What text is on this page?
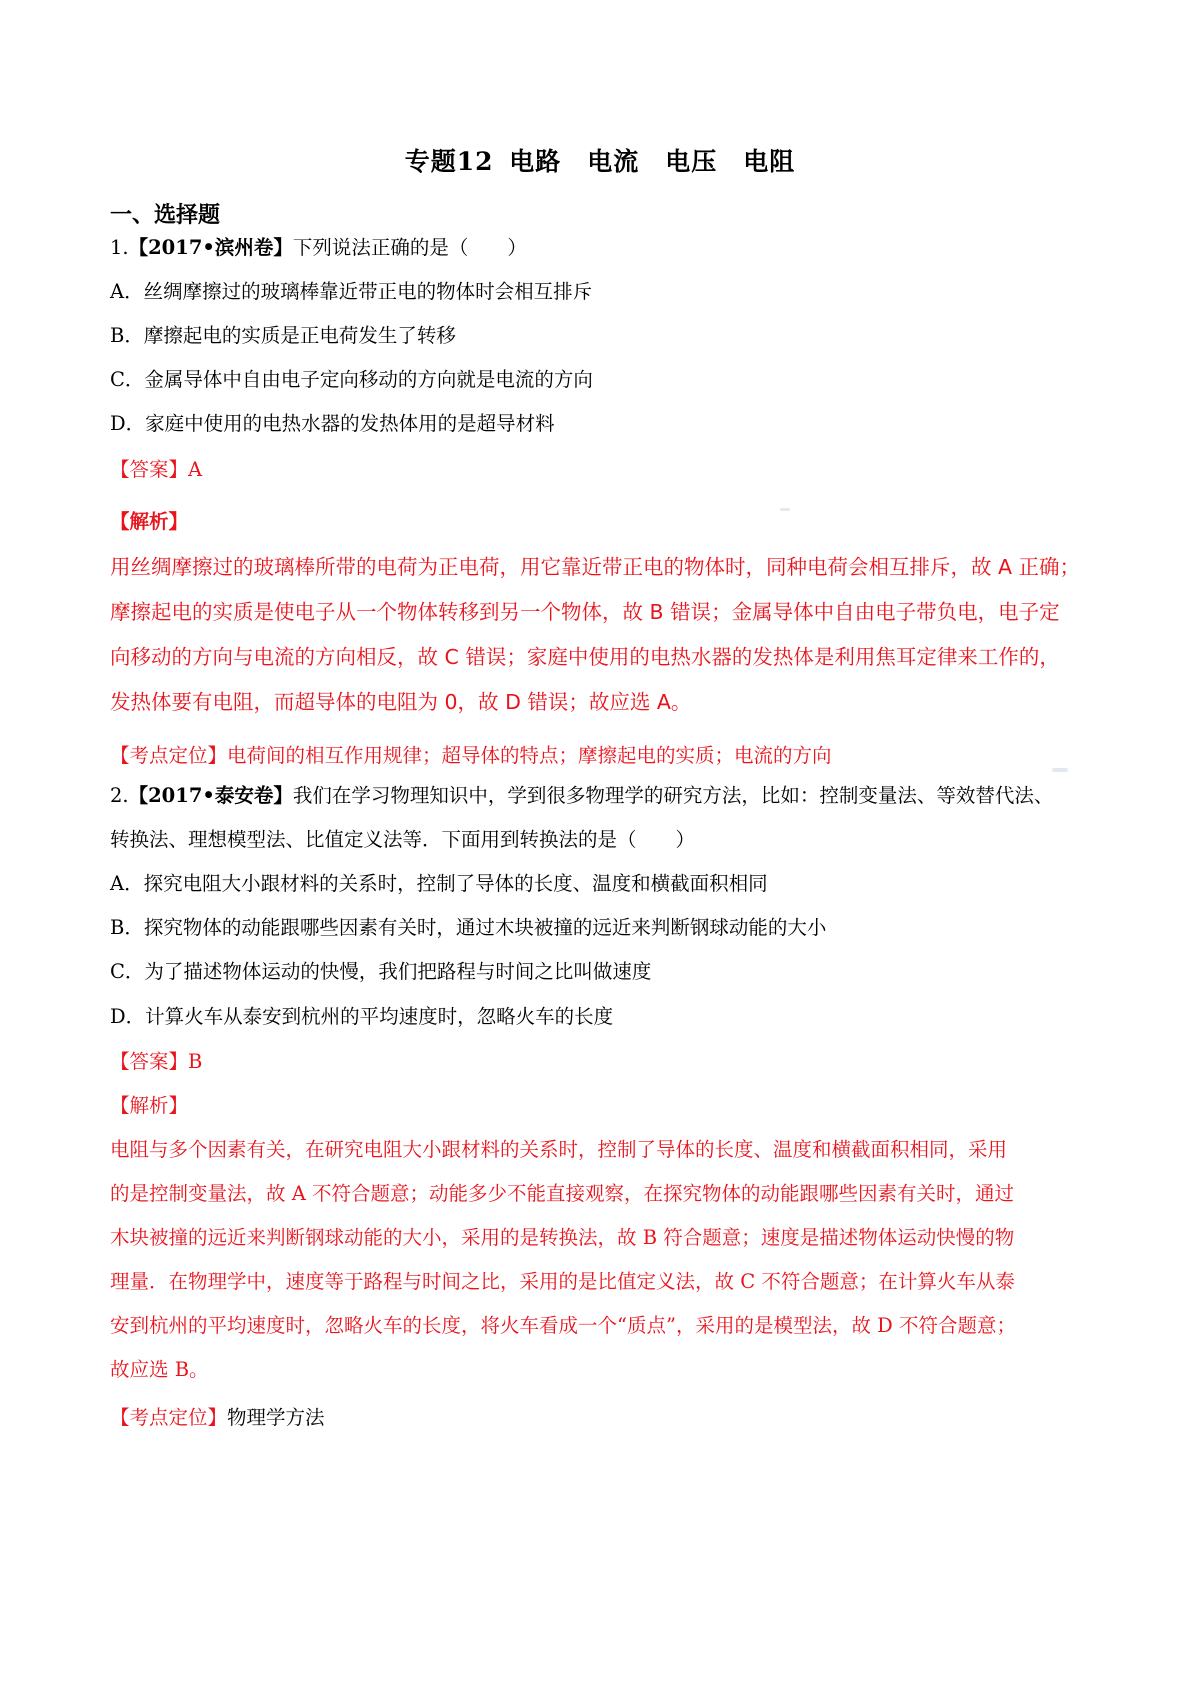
专题12 电路　电流　电压　电阻
一、选择题
1.【2017•滨州卷】下列说法正确的是（　　）
A．丝绸摩擦过的玻璃棒靠近带正电的物体时会相互排斥
B．摩擦起电的实质是正电荷发生了转移
C．金属导体中自由电子定向移动的方向就是电流的方向
D．家庭中使用的电热水器的发热体用的是超导材料
【答案】A
【解析】
用丝绸摩擦过的玻璃棒所带的电荷为正电荷，用它靠近带正电的物体时，同种电荷会相互排斥，故 A 正确；
摩擦起电的实质是使电子从一个物体转移到另一个物体，故 B 错误；金属导体中自由电子带负电，电子定
向移动的方向与电流的方向相反，故 C 错误；家庭中使用的电热水器的发热体是利用焦耳定律来工作的，
发热体要有电阻，而超导体的电阻为 0，故 D 错误；故应选 A。
【考点定位】电荷间的相互作用规律；超导体的特点；摩擦起电的实质；电流的方向
2.【2017•泰安卷】我们在学习物理知识中，学到很多物理学的研究方法，比如：控制变量法、等效替代法、
转换法、理想模型法、比值定义法等．下面用到转换法的是（　　）
A．探究电阻大小跟材料的关系时，控制了导体的长度、温度和横截面积相同
B．探究物体的动能跟哪些因素有关时，通过木块被撞的远近来判断钢球动能的大小
C．为了描述物体运动的快慢，我们把路程与时间之比叫做速度
D．计算火车从泰安到杭州的平均速度时，忽略火车的长度
【答案】B
【解析】
电阻与多个因素有关，在研究电阻大小跟材料的关系时，控制了导体的长度、温度和横截面积相同，采用
的是控制变量法，故 A 不符合题意；动能多少不能直接观察，在探究物体的动能跟哪些因素有关时，通过
木块被撞的远近来判断钢球动能的大小，采用的是转换法，故 B 符合题意；速度是描述物体运动快慢的物
理量．在物理学中，速度等于路程与时间之比，采用的是比值定义法，故 C 不符合题意；在计算火车从泰
安到杭州的平均速度时，忽略火车的长度，将火车看成一个“质点”，采用的是模型法，故 D 不符合题意；
故应选 B。
【考点定位】物理学方法
